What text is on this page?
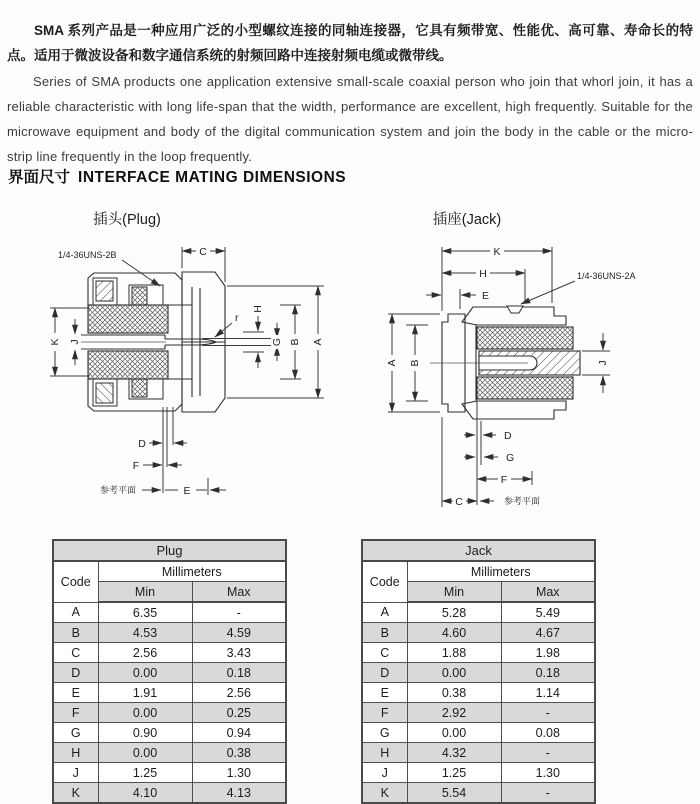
SMA 系列产品是一种应用广泛的小型螺纹连接的同轴连接器，它具有频带宽、性能优、高可靠、寿命长的特点。适用于微波设备和数字通信系统的射频回路中连接射频电缆或微带线。

Series of SMA products one application extensive small-scale coaxial person who join that whorl join, it has a reliable characteristic with long life-span that the width, performance are excellent, high frequently. Suitable for the microwave equipment and body of the digital communication system and join the body in the cable or the micro-strip line frequently in the loop frequently.

界面尺寸 INTERFACE MATING DIMENSIONS
插头(Plug)	插座(Jack)
C
1/4-36UNS-2B
K J
r
H
G B A
D
F
参考平面	E
K
H
E
1/4-36UNS-2A
A B	J
D
G
F
C	参考平面
Plug		
Code	Millimeters	
	Min	Max
A	6.35	-
B	4.53	4.59
C	2.56	3.43
D	0.00	0.18
E	1.91	2.56
F	0.00	0.25
G	0.90	0.94
H	0.00	0.38
J	1.25	1.30
K	4.10	4.13
Jack		
Code	Millimeters	
	Min	Max
A	5.28	5.49
B	4.60	4.67
C	1.88	1.98
D	0.00	0.18
E	0.38	1.14
F	2.92	-
G	0.00	0.08
H	4.32	-
J	1.25	1.30
K	5.54	-
